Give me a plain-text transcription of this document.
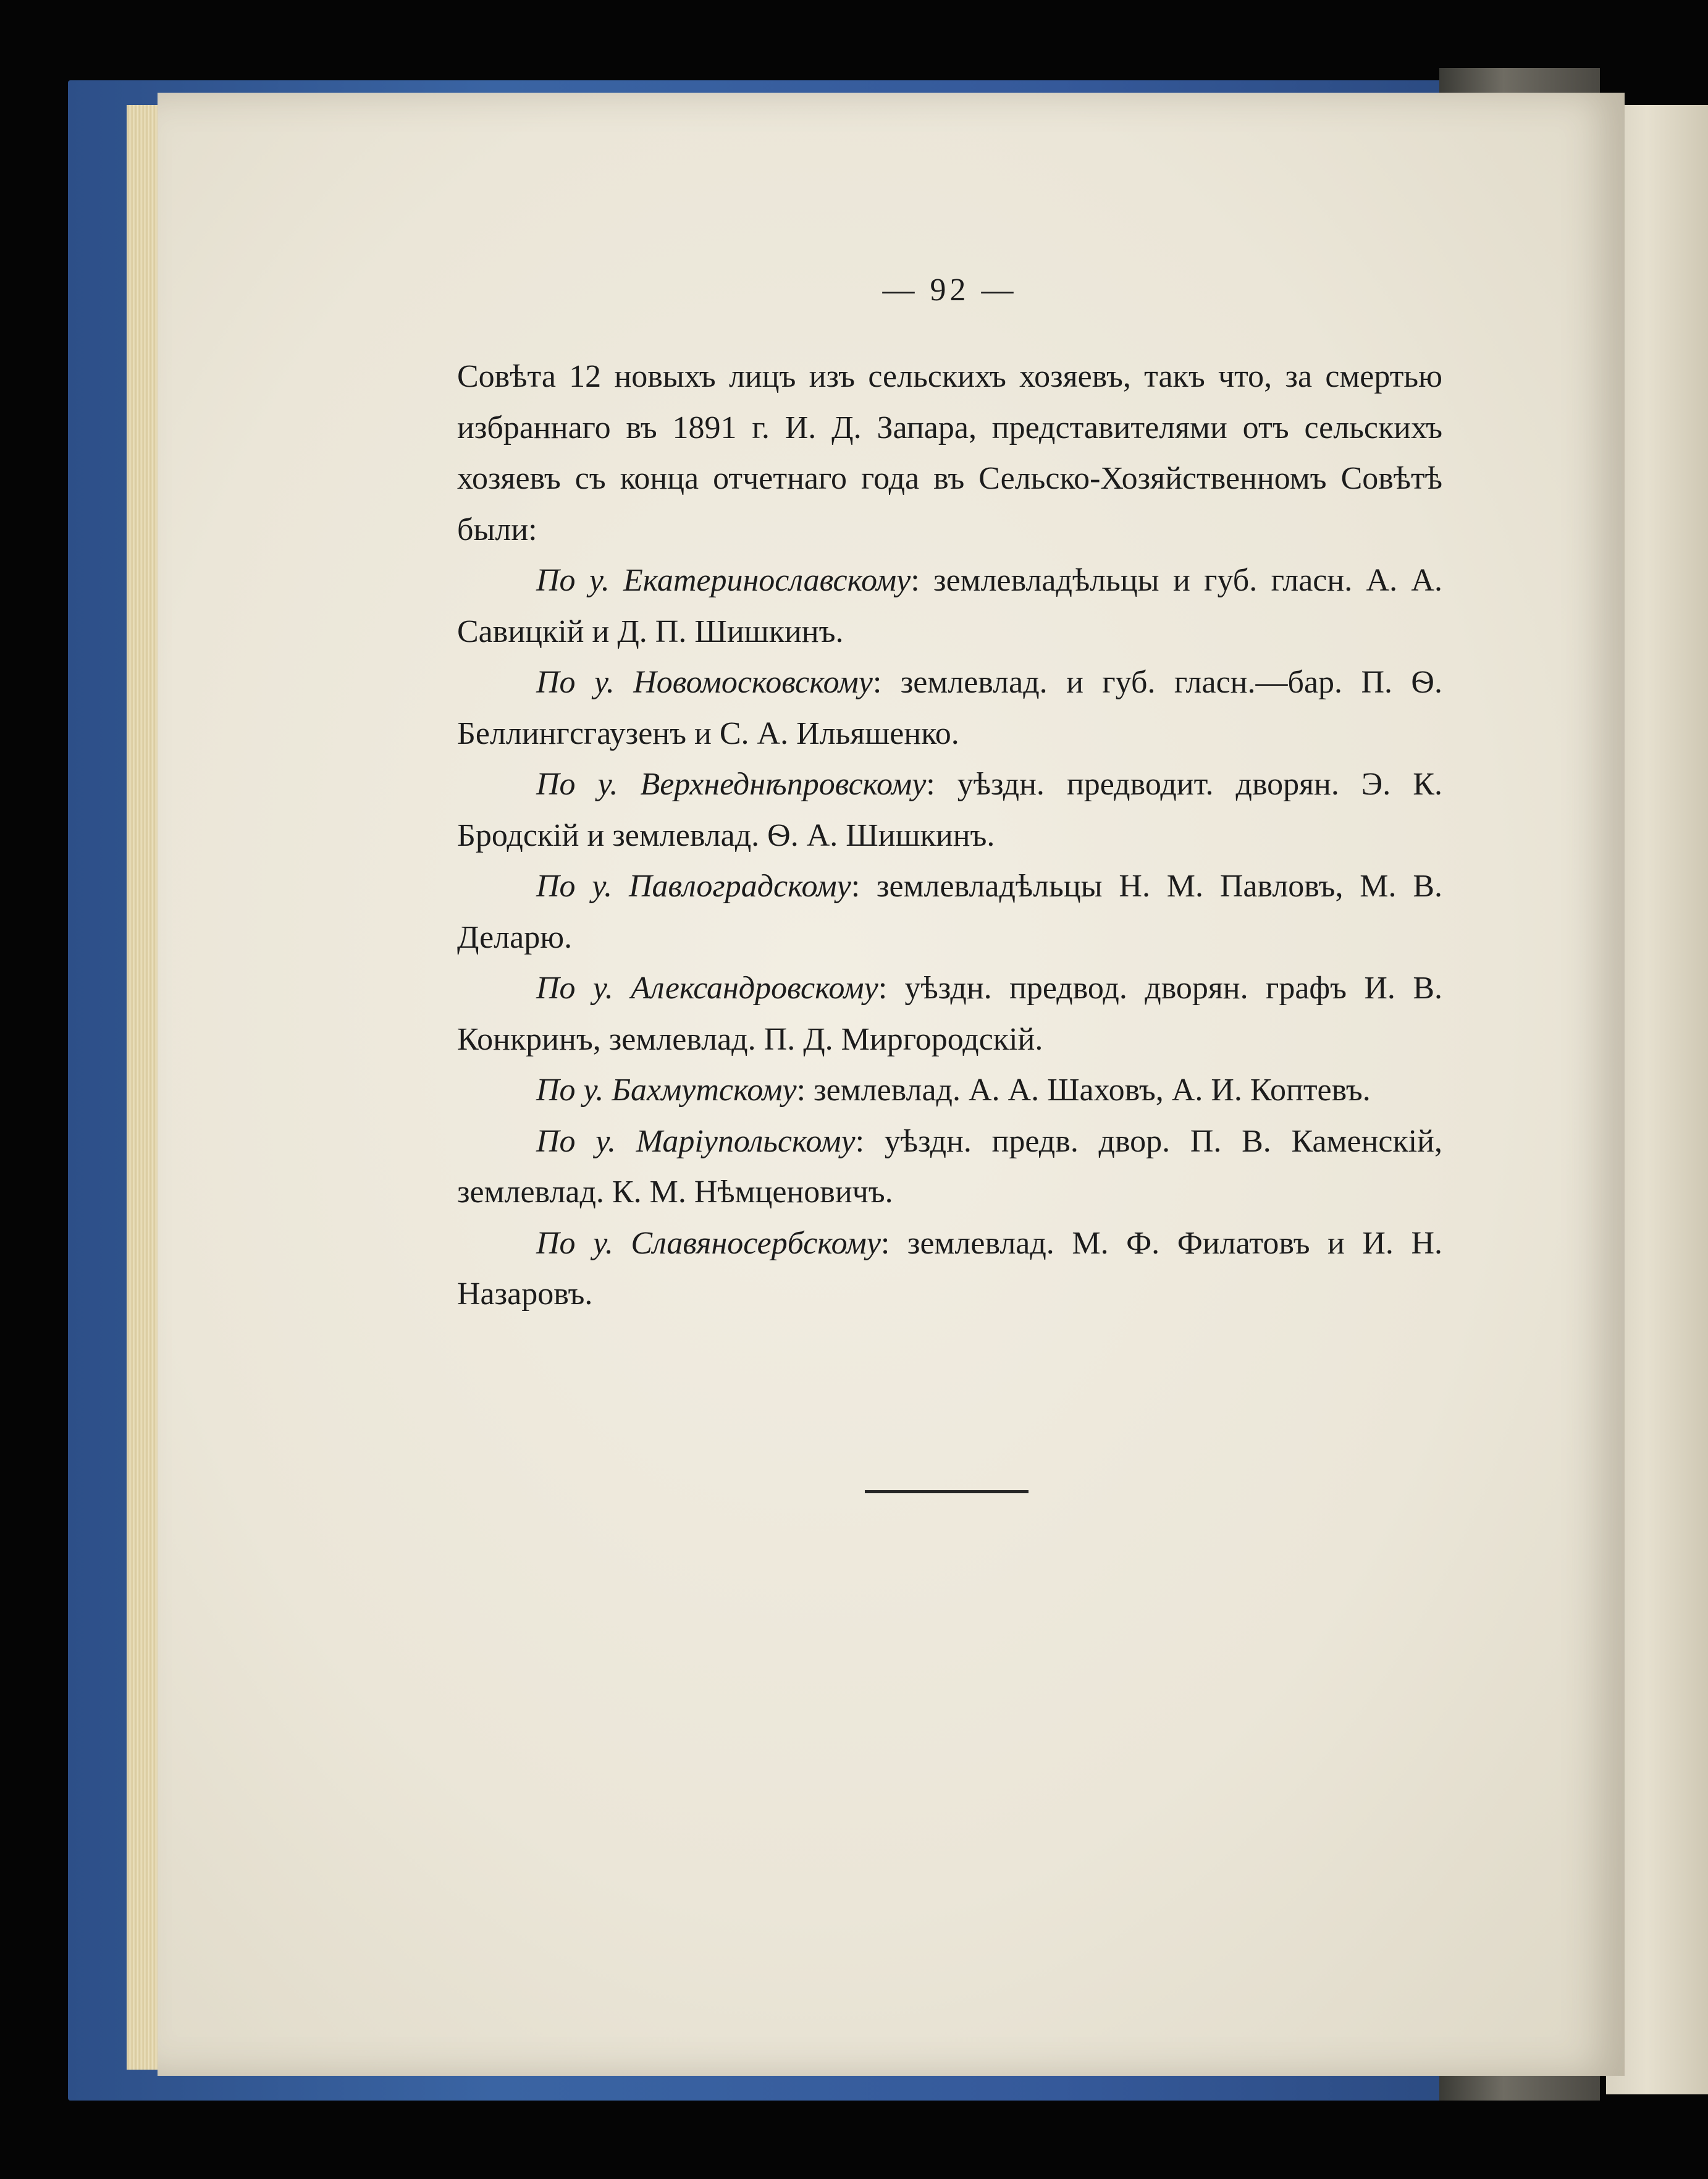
— 92 —

Совѣта 12 новыхъ лицъ изъ сельскихъ хозяевъ, такъ что, за смертью избраннаго въ 1891 г. И. Д. Запара, представителями отъ сельскихъ хозяевъ съ конца отчетнаго года въ Сельско-Хозяйственномъ Совѣтѣ были:

По у. Екатеринославскому: землевладѣльцы и губ. гласн. А. А. Савицкій и Д. П. Шишкинъ.

По у. Новомосковскому: землевлад. и губ. гласн.—бар. П. Ѳ. Беллингсгаузенъ и С. А. Ильяшенко.

По у. Верхнеднѣпровскому: уѣздн. предводит. дворян. Э. К. Бродскій и землевлад. Ѳ. А. Шишкинъ.

По у. Павлоградскому: землевладѣльцы Н. М. Павловъ, М. В. Деларю.

По у. Александровскому: уѣздн. предвод. дворян. графъ И. В. Конкринъ, землевлад. П. Д. Миргородскій.

По у. Бахмутскому: землевлад. А. А. Шаховъ, А. И. Коптевъ.

По у. Маріупольскому: уѣздн. предв. двор. П. В. Каменскій, землевлад. К. М. Нѣмценовичъ.

По у. Славяносербскому: землевлад. М. Ф. Филатовъ и И. Н. Назаровъ.
